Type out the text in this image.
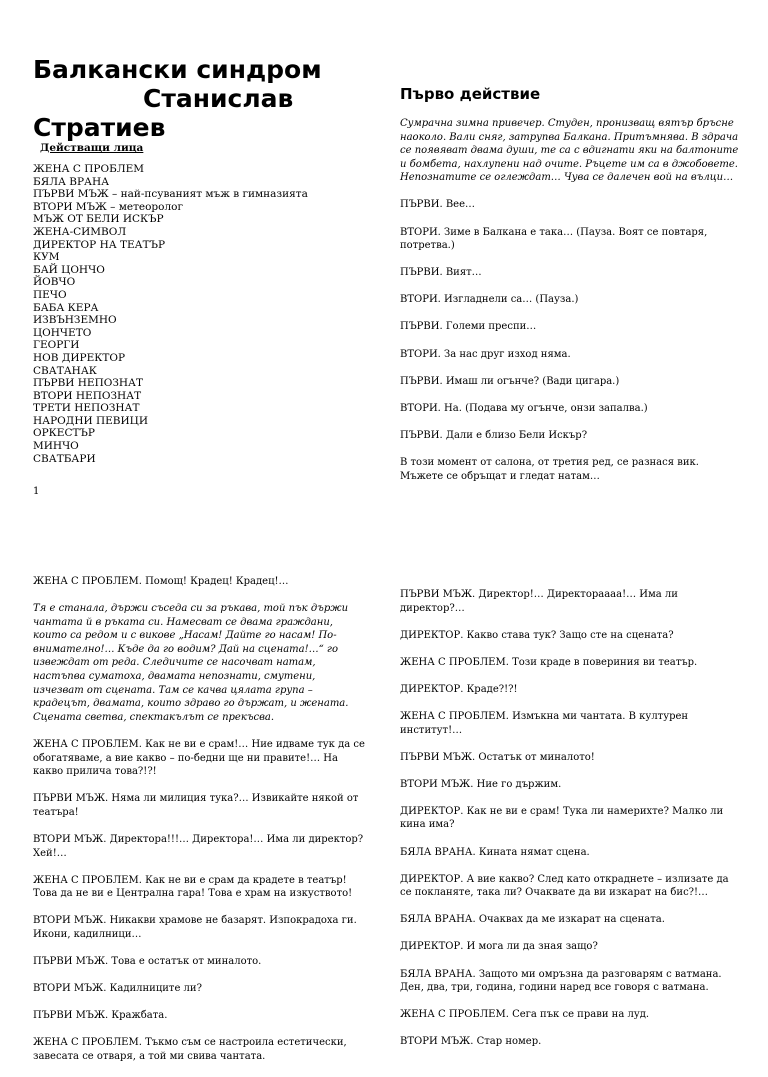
Балкански синдром
Станислав
Стратиев
Действащи лица
ЖЕНА С ПРОБЛЕМ
БЯЛА ВРАНА
ПЪРВИ МЪЖ – най-псуваният мъж в гимназията
ВТОРИ МЪЖ – метеоролог
МЪЖ ОТ БЕЛИ ИСКЪР
ЖЕНА-СИМВОЛ
ДИРЕКТОР НА ТЕАТЪР
КУМ
БАЙ ЦОНЧО
ЙОВЧО
ПЕЧО
БАБА КЕРА
ИЗВЪНЗЕМНО
ЦОНЧЕТО
ГЕОРГИ
НОВ ДИРЕКТОР
СВАТАНАК
ПЪРВИ НЕПОЗНАТ
ВТОРИ НЕПОЗНАТ
ТРЕТИ НЕПОЗНАТ
НАРОДНИ ПЕВИЦИ
ОРКЕСТЪР
МИНЧО
СВАТБАРИ
1
Първо действие

Сумрачна зимна привечер. Студен, пронизващ вятър бръсне наоколо. Вали сняг, затрупва Балкана. Притъмнява. В здрача се появяват двама души, те са с вдигнати яки на балтоните и бомбета, нахлупени над очите. Ръцете им са в джобовете. Непознатите се оглеждат… Чува се далечен вой на вълци…

ПЪРВИ. Вее…

ВТОРИ. Зиме в Балкана е така… (Пауза. Воят се повтаря, потретва.)

ПЪРВИ. Вият…

ВТОРИ. Изгладнели са… (Пауза.)

ПЪРВИ. Големи преспи…

ВТОРИ. За нас друг изход няма.

ПЪРВИ. Имаш ли огънче? (Вади цигара.)

ВТОРИ. На. (Подава му огънче, онзи запалва.)

ПЪРВИ. Дали е близо Бели Искър?

В този момент от салона, от третия ред, се разнася вик. Мъжете се обръщат и гледат натам…

ЖЕНА С ПРОБЛЕМ. Помощ! Крадец! Крадец!…

Тя е станала, държи съседа си за ръкава, той пък държи чантата й в ръката си. Намесват се двама граждани, които са редом и с викове „Насам! Дайте го насам! По-внимателно!… Къде да го водим? Дай на сцената!…“ го извеждат от реда. Следичите се насочват натам, настъпва суматоха, двамата непознати, смутени, изчезват от сцената. Там се качва цялата група – крадецът, двамата, които здраво го държат, и жената. Сцената светва, спектакълът се прекъсва.

ЖЕНА С ПРОБЛЕМ. Как не ви е срам!… Ние идваме тук да се обогатяваме, а вие какво – по-бедни ще ни правите!… На какво прилича това?!?!

ПЪРВИ МЪЖ. Няма ли милиция тука?… Извикайте някой от театъра!

ВТОРИ МЪЖ. Директора!!!… Директора!… Има ли директор? Хей!…

ЖЕНА С ПРОБЛЕМ. Как не ви е срам да крадете в театър! Това да не ви е Централна гара! Това е храм на изкуството!

ВТОРИ МЪЖ. Никакви храмове не базарят. Изпокрадоха ги. Икони, кадилници…

ПЪРВИ МЪЖ. Това е остатък от миналото.

ВТОРИ МЪЖ. Кадилниците ли?

ПЪРВИ МЪЖ. Кражбата.

ЖЕНА С ПРОБЛЕМ. Тъкмо съм се настроила естетически, завесата се отваря, а той ми свива чантата.

ПЪРВИ МЪЖ. Директор!… Директораааа!… Има ли директор?…

ДИРЕКТОР. Какво става тук? Защо сте на сцената?

ЖЕНА С ПРОБЛЕМ. Този краде в повериния ви театър.

ДИРЕКТОР. Краде?!?!

ЖЕНА С ПРОБЛЕМ. Измъкна ми чантата. В културен институт!…

ПЪРВИ МЪЖ. Остатък от миналото!

ВТОРИ МЪЖ. Ние го държим.

ДИРЕКТОР. Как не ви е срам! Тука ли намерихте? Малко ли кина има?

БЯЛА ВРАНА. Кината нямат сцена.

ДИРЕКТОР. А вие какво? След като откраднете – излизате да се покланяте, така ли? Очаквате да ви изкарат на бис?!…

БЯЛА ВРАНА. Очаквах да ме изкарат на сцената.

ДИРЕКТОР. И мога ли да зная защо?

БЯЛА ВРАНА. Защото ми омръзна да разговарям с ватмана. Ден, два, три, година, години наред все говоря с ватмана.

ЖЕНА С ПРОБЛЕМ. Сега пък се прави на луд.

ВТОРИ МЪЖ. Стар номер.
